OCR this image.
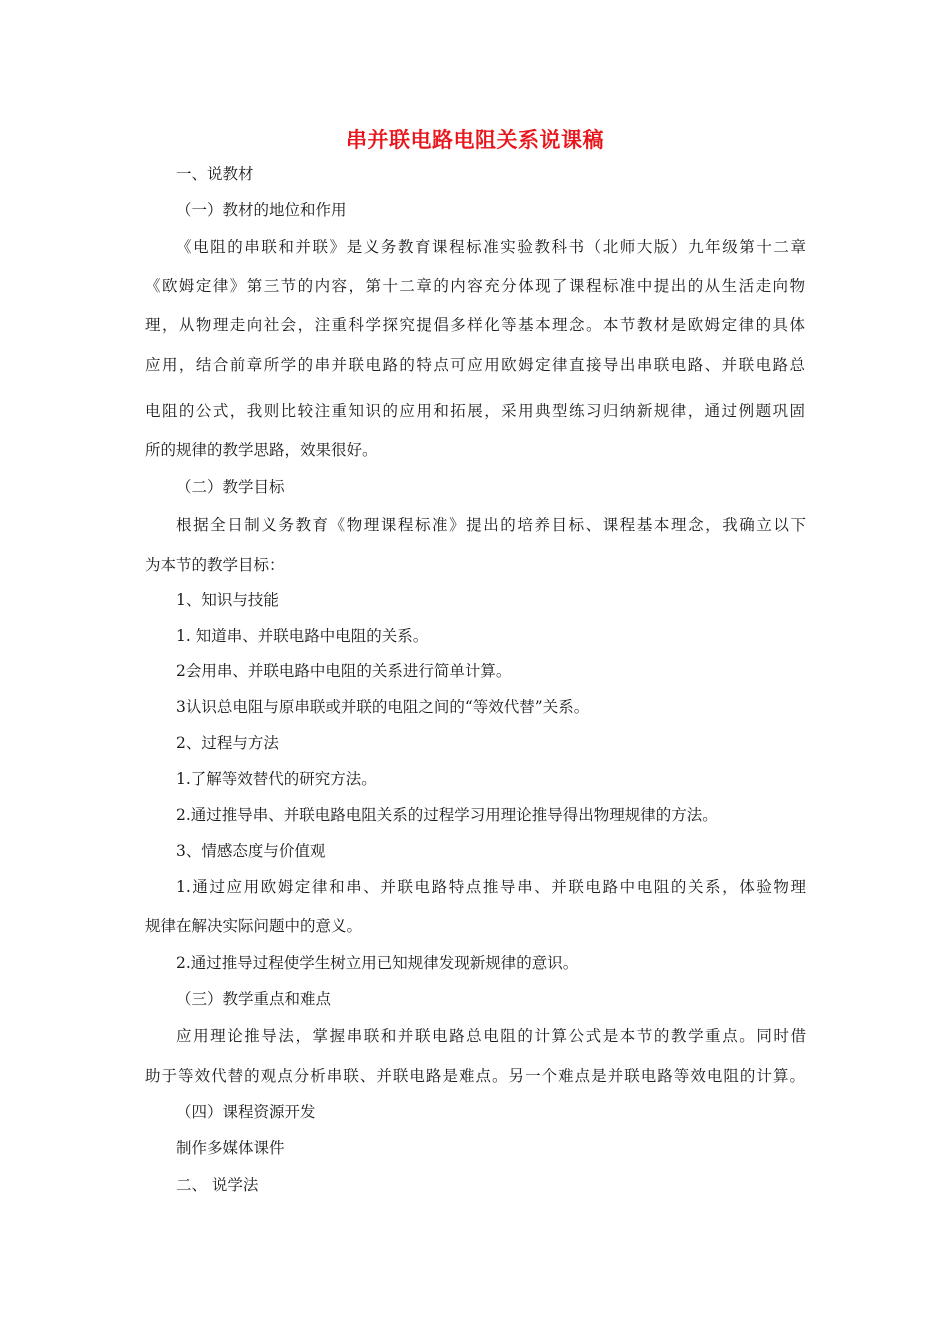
串并联电路电阻关系说课稿
一、说教材
（一）教材的地位和作用
《电阻的串联和并联》是义务教育课程标准实验教科书（北师大版）九年级第十二章
《欧姆定律》第三节的内容，第十二章的内容充分体现了课程标准中提出的从生活走向物
理，从物理走向社会，注重科学探究提倡多样化等基本理念。本节教材是欧姆定律的具体
应用，结合前章所学的串并联电路的特点可应用欧姆定律直接导出串联电路、并联电路总
电阻的公式，我则比较注重知识的应用和拓展，采用典型练习归纳新规律，通过例题巩固
所的规律的教学思路，效果很好。
（二）教学目标
根据全日制义务教育《物理课程标准》提出的培养目标、课程基本理念，我确立以下
为本节的教学目标：
1、知识与技能
1. 知道串、并联电路中电阻的关系。
2会用串、并联电路中电阻的关系进行简单计算。
3认识总电阻与原串联或并联的电阻之间的“等效代替”关系。
2、过程与方法
1.了解等效替代的研究方法。
2.通过推导串、并联电路电阻关系的过程学习用理论推导得出物理规律的方法。
3、情感态度与价值观
1.通过应用欧姆定律和串、并联电路特点推导串、并联电路中电阻的关系，体验物理
规律在解决实际问题中的意义。
2.通过推导过程使学生树立用已知规律发现新规律的意识。
（三）教学重点和难点
应用理论推导法，掌握串联和并联电路总电阻的计算公式是本节的教学重点。同时借
助于等效代替的观点分析串联、并联电路是难点。另一个难点是并联电路等效电阻的计算。
（四）课程资源开发
制作多媒体课件
二、 说学法
